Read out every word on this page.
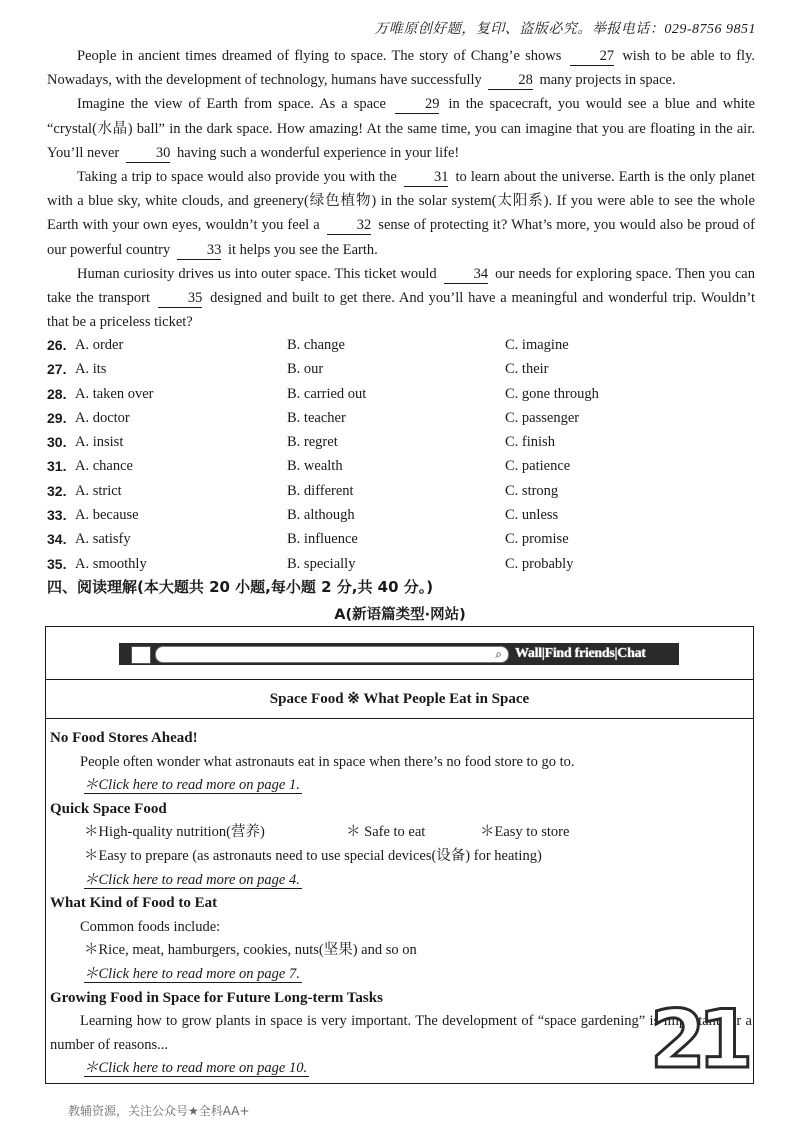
万唯原创好题，复印、盗版必究。举报电话：029-8756 9851

People in ancient times dreamed of flying to space. The story of Chang’e shows 27 wish to be able to fly. Nowadays, with the development of technology, humans have successfully 28 many projects in space.

Imagine the view of Earth from space. As a space 29 in the spacecraft, you would see a blue and white “crystal(水晶) ball” in the dark space. How amazing! At the same time, you can imagine that you are floating in the air. You’ll never 30 having such a wonderful experience in your life!

Taking a trip to space would also provide you with the 31 to learn about the universe. Earth is the only planet with a blue sky, white clouds, and greenery(绿色植物) in the solar system(太阳系). If you were able to see the whole Earth with your own eyes, wouldn’t you feel a 32 sense of protecting it? What’s more, you would also be proud of our powerful country 33 it helps you see the Earth.

Human curiosity drives us into outer space. This ticket would 34 our needs for exploring space. Then you can take the transport 35 designed and built to get there. And you’ll have a meaningful and wonderful trip. Wouldn’t that be a priceless ticket?

26. A. order	B. change	C. imagine
27. A. its	B. our	C. their
28. A. taken over	B. carried out	C. gone through
29. A. doctor	B. teacher	C. passenger
30. A. insist	B. regret	C. finish
31. A. chance	B. wealth	C. patience
32. A. strict	B. different	C. strong
33. A. because	B. although	C. unless
34. A. satisfy	B. influence	C. promise
35. A. smoothly	B. specially	C. probably
四、阅读理解(本大题共 20 小题,每小题 2 分,共 40 分。)
A(新语篇类型·网站)
⌕ Wall|Find friends|Chat
Space Food ※ What People Eat in Space
No Food Stores Ahead!
People often wonder what astronauts eat in space when there’s no food store to go to.
＊Click here to read more on page 1.
Quick Space Food
＊High-quality nutrition(营养)	＊ Safe to eat	＊Easy to store
＊Easy to prepare (as astronauts need to use special devices(设备) for heating)
＊Click here to read more on page 4.
What Kind of Food to Eat
Common foods include:
＊Rice, meat, hamburgers, cookies, nuts(坚果) and so on
＊Click here to read more on page 7.
Growing Food in Space for Future Long-term Tasks
Learning how to grow plants in space is very important. The development of “space gardening” is important for a number of reasons...
＊Click here to read more on page 10.	21
教辅资源，关注公众号★全科AA+
